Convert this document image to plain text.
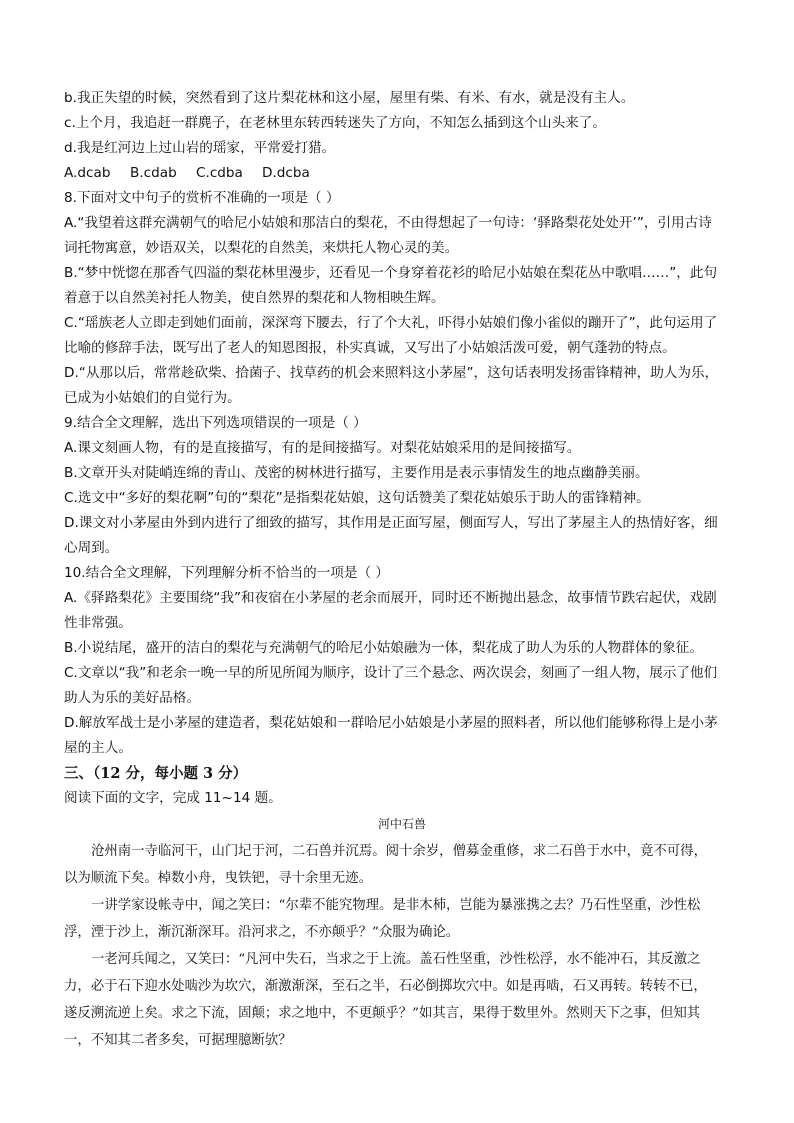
b.我正失望的时候，突然看到了这片梨花林和这小屋，屋里有柴、有米、有水，就是没有主人。

c.上个月，我追赶一群麂子，在老林里东转西转迷失了方向，不知怎么插到这个山头来了。

d.我是红河边上过山岩的瑶家，平常爱打猎。

A.dcab	B.cdab	C.cdba	D.dcba

8.下面对文中句子的赏析不准确的一项是（ ）

A.“我望着这群充满朝气的哈尼小姑娘和那洁白的梨花，不由得想起了一句诗：‘驿路梨花处处开’”，引用古诗

词托物寓意，妙语双关，以梨花的自然美，来烘托人物心灵的美。

B.“梦中恍惚在那香气四溢的梨花林里漫步，还看见一个身穿着花衫的哈尼小姑娘在梨花丛中歌唱……”，此句

着意于以自然美衬托人物美，使自然界的梨花和人物相映生辉。

C.“瑶族老人立即走到她们面前，深深弯下腰去，行了个大礼，吓得小姑娘们像小雀似的蹦开了”，此句运用了

比喻的修辞手法，既写出了老人的知恩图报，朴实真诚，又写出了小姑娘活泼可爱，朝气蓬勃的特点。

D.“从那以后，常常趁砍柴、拾菌子、找草药的机会来照料这小茅屋”，这句话表明发扬雷锋精神，助人为乐，

已成为小姑娘们的自觉行为。

9.结合全文理解，选出下列选项错误的一项是（ ）

A.课文刻画人物，有的是直接描写，有的是间接描写。对梨花姑娘采用的是间接描写。

B.文章开头对陡峭连绵的青山、茂密的树林进行描写，主要作用是表示事情发生的地点幽静美丽。

C.选文中“多好的梨花啊”句的“梨花”是指梨花姑娘，这句话赞美了梨花姑娘乐于助人的雷锋精神。

D.课文对小茅屋由外到内进行了细致的描写，其作用是正面写屋，侧面写人，写出了茅屋主人的热情好客，细

心周到。

10.结合全文理解，下列理解分析不恰当的一项是（ ）

A.《驿路梨花》主要围绕“我”和夜宿在小茅屋的老余而展开，同时还不断抛出悬念，故事情节跌宕起伏，戏剧

性非常强。

B.小说结尾，盛开的洁白的梨花与充满朝气的哈尼小姑娘融为一体，梨花成了助人为乐的人物群体的象征。

C.文章以“我”和老余一晚一早的所见所闻为顺序，设计了三个悬念、两次误会，刻画了一组人物，展示了他们

助人为乐的美好品格。

D.解放军战士是小茅屋的建造者，梨花姑娘和一群哈尼小姑娘是小茅屋的照料者，所以他们能够称得上是小茅

屋的主人。

三、（12 分，每小题 3 分）

阅读下面的文字，完成 11~14 题。

河中石兽

沧州南一寺临河干，山门圮于河，二石兽并沉焉。阅十余岁，僧募金重修，求二石兽于水中，竟不可得，

以为顺流下矣。棹数小舟，曳铁钯，寻十余里无迹。

一讲学家设帐寺中，闻之笑曰：“尔辈不能究物理。是非木杮，岂能为暴涨携之去？乃石性坚重，沙性松

浮，湮于沙上，渐沉渐深耳。沿河求之，不亦颠乎？”众服为确论。

一老河兵闻之，又笑曰：“凡河中失石，当求之于上流。盖石性坚重，沙性松浮，水不能冲石，其反激之

力，必于石下迎水处啮沙为坎穴，渐激渐深，至石之半，石必倒掷坎穴中。如是再啮，石又再转。转转不已，

遂反溯流逆上矣。求之下流，固颠；求之地中，不更颠乎？”如其言，果得于数里外。然则天下之事，但知其

一，不知其二者多矣，可据理臆断欤？
